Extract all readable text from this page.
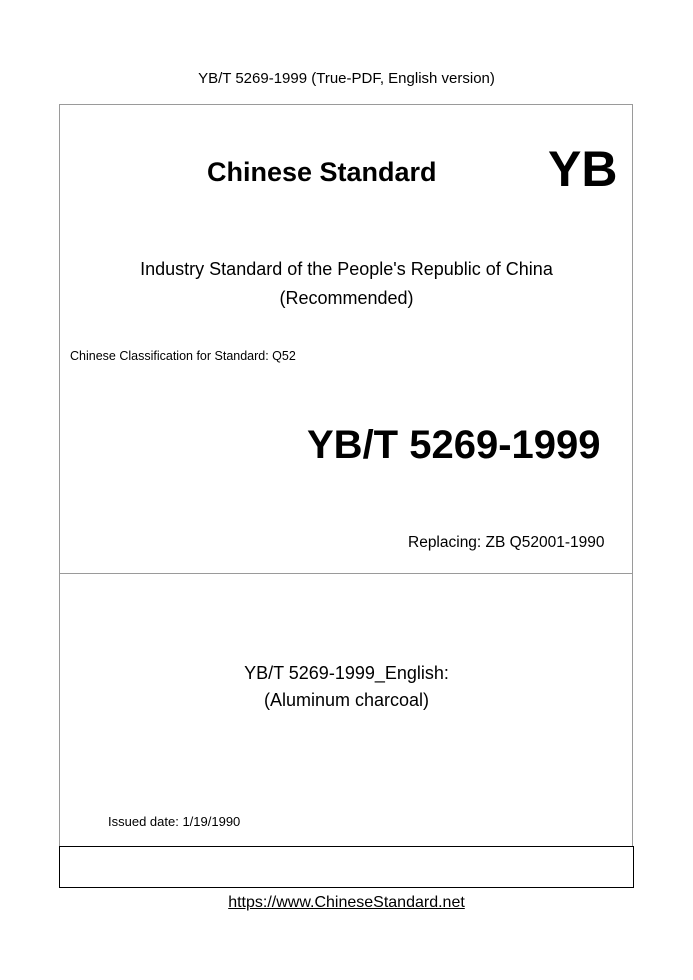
YB/T 5269-1999 (True-PDF, English version)
Chinese Standard YB
Industry Standard of the People's Republic of China
(Recommended)
Chinese Classification for Standard: Q52
YB/T 5269-1999
Replacing: ZB Q52001-1990
YB/T 5269-1999_English:
(Aluminum charcoal)
Issued date: 1/19/1990
https://www.ChineseStandard.net
